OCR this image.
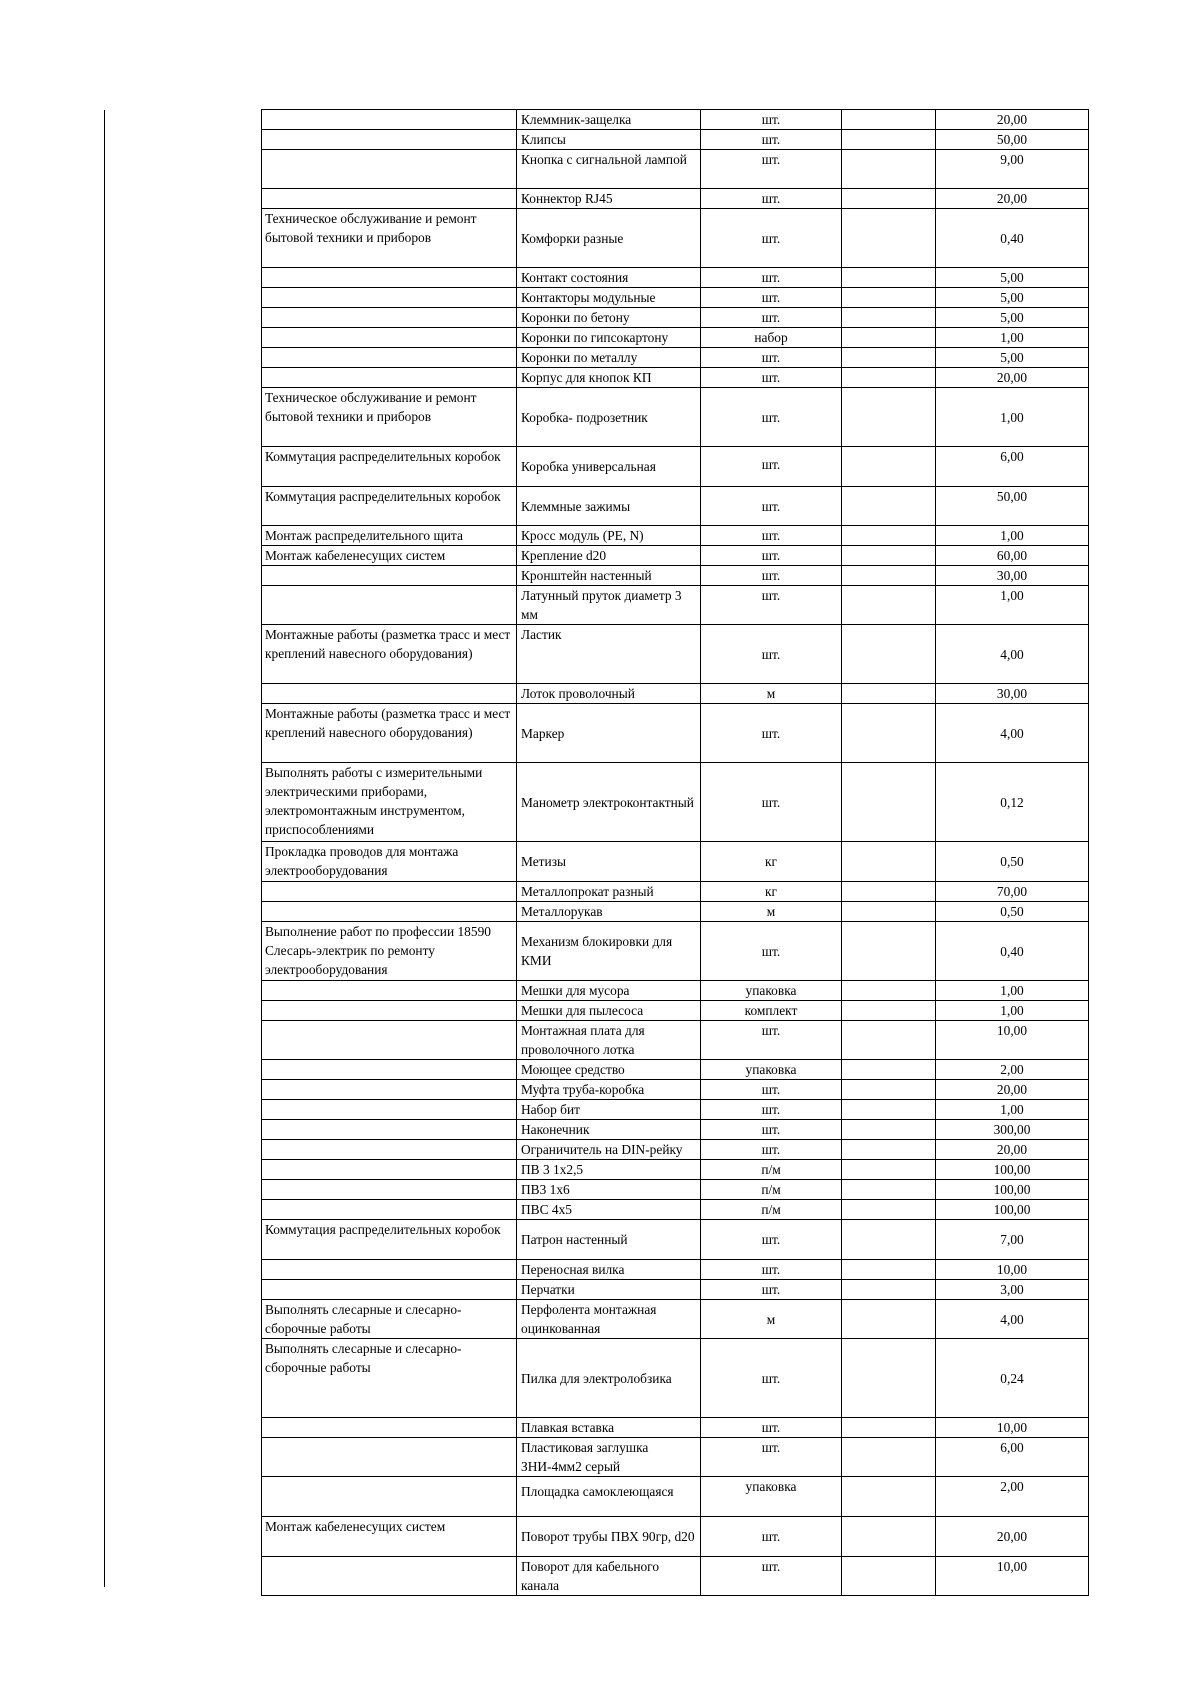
	Клеммник-защелка	шт.		20,00
	Клипсы	шт.		50,00
	Кнопка с сигнальной лампой	шт.		9,00
	Коннектор RJ45	шт.		20,00
Техническое обслуживание и ремонт бытовой техники и приборов	Комфорки разные	шт.		0,40
	Контакт состояния	шт.		5,00
	Контакторы модульные	шт.		5,00
	Коронки по бетону	шт.		5,00
	Коронки по гипсокартону	набор		1,00
	Коронки по металлу	шт.		5,00
	Корпус для кнопок КП	шт.		20,00
Техническое обслуживание и ремонт бытовой техники и приборов	Коробка- подрозетник	шт.		1,00
Коммутация распределительных коробок	Коробка универсальная	шт.		6,00
Коммутация распределительных коробок	Клеммные зажимы	шт.		50,00
Монтаж распределительного щита	Кросс модуль (PE, N)	шт.		1,00
Монтаж кабеленесущих систем	Крепление d20	шт.		60,00
	Кронштейн настенный	шт.		30,00
	Латунный пруток диаметр 3 мм	шт.		1,00
Монтажные работы (разметка трасс и мест креплений навесного оборудования)	Ластик	шт.		4,00
	Лоток проволочный	м		30,00
Монтажные работы (разметка трасс и мест креплений навесного оборудования)	Маркер	шт.		4,00
Выполнять работы с измерительными электрическими приборами, электромонтажным инструментом, приспособлениями	Манометр электроконтактный	шт.		0,12
Прокладка проводов для монтажа электрооборудования	Метизы	кг		0,50
	Металлопрокат разный	кг		70,00
	Металлорукав	м		0,50
Выполнение работ по профессии 18590 Слесарь-электрик по ремонту электрооборудования	Механизм блокировки для КМИ	шт.		0,40
	Мешки для мусора	упаковка		1,00
	Мешки для пылесоса	комплект		1,00
	Монтажная плата для проволочного лотка	шт.		10,00
	Моющее средство	упаковка		2,00
	Муфта труба-коробка	шт.		20,00
	Набор бит	шт.		1,00
	Наконечник	шт.		300,00
	Ограничитель на DIN-рейку	шт.		20,00
	ПВ 3 1х2,5	п/м		100,00
	ПВ3 1х6	п/м		100,00
	ПВС 4х5	п/м		100,00
Коммутация распределительных коробок	Патрон настенный	шт.		7,00
	Переносная вилка	шт.		10,00
	Перчатки	шт.		3,00
Выполнять слесарные и слесарно-сборочные работы	Перфолента монтажная оцинкованная	м		4,00
Выполнять слесарные и слесарно-сборочные работы	Пилка для электролобзика	шт.		0,24
	Плавкая вставка	шт.		10,00
	Пластиковая заглушка ЗНИ-4мм2 серый	шт.		6,00
	Площадка самоклеющаяся	упаковка		2,00
Монтаж кабеленесущих систем	Поворот трубы ПВХ 90гр, d20	шт.		20,00
	Поворот для кабельного канала	шт.		10,00
